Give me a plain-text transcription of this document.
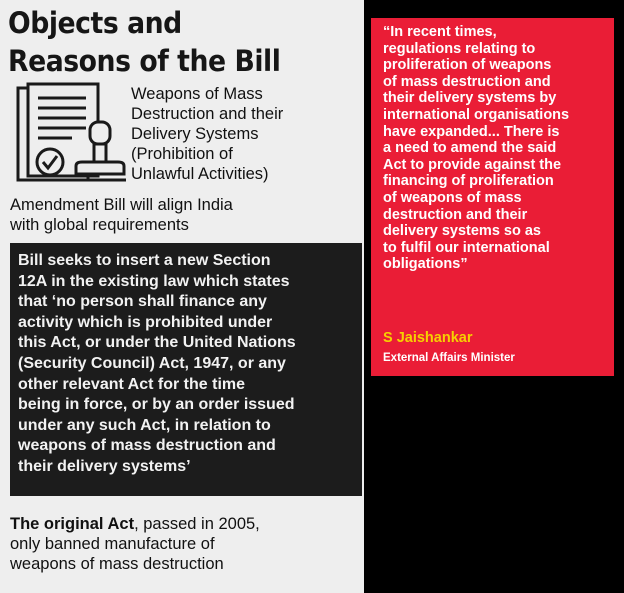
Objects and
Reasons of the Bill
Weapons of Mass
Destruction and their
Delivery Systems
(Prohibition of
Unlawful Activities)
Amendment Bill will align India
with global requirements
Bill seeks to insert a new Section
12A in the existing law which states
that ‘no person shall finance any
activity which is prohibited under
this Act, or under the United Nations
(Security Council) Act, 1947, or any
other relevant Act for the time
being in force, or by an order issued
under any such Act, in relation to
weapons of mass destruction and
their delivery systems’
The original Act, passed in 2005,
only banned manufacture of
weapons of mass destruction
“In recent times,
regulations relating to
proliferation of weapons
of mass destruction and
their delivery systems by
international organisations
have expanded... There is
a need to amend the said
Act to provide against the
financing of proliferation
of weapons of mass
destruction and their
delivery systems so as
to fulfil our international
obligations”
S Jaishankar
External Affairs Minister
